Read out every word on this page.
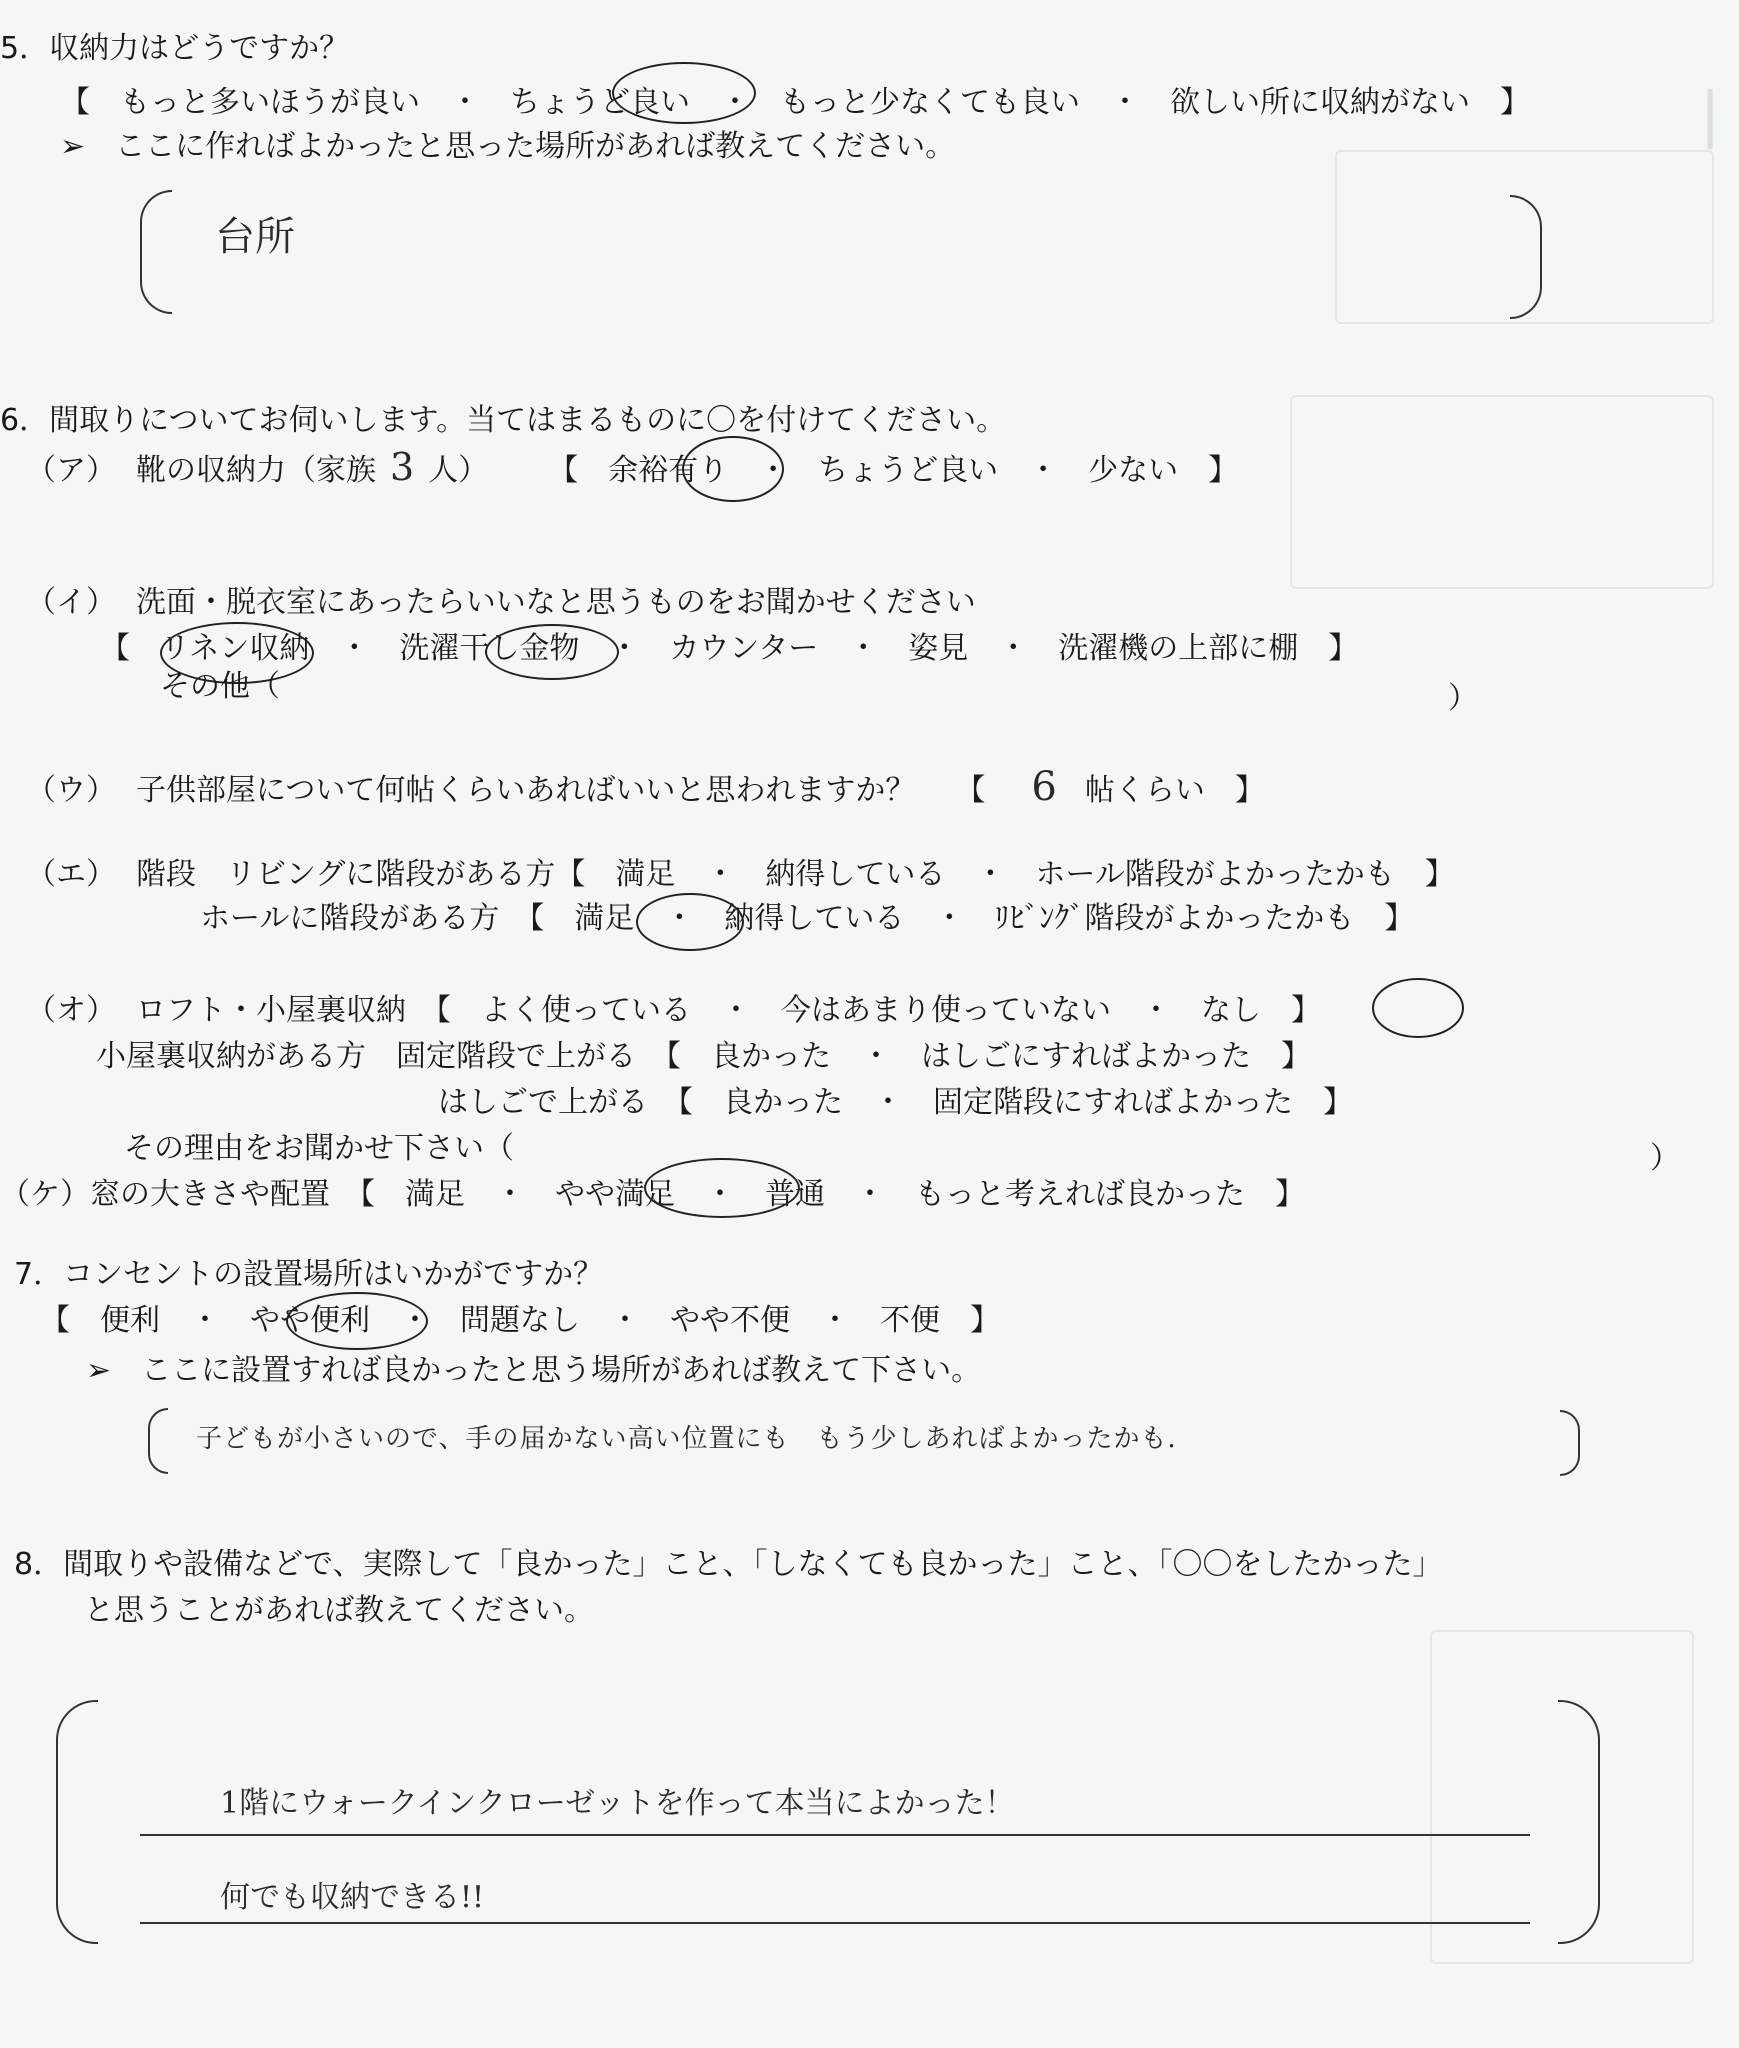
|
5．収納力はどうですか？
【　もっと多いほうが良い　・　ちょうど良い　・　もっと少なくても良い　・　欲しい所に収納がない　】
➢　ここに作ればよかったと思った場所があれば教えてください。
台所
6．間取りについてお伺いします。当てはまるものに〇を付けてください。
（ア） 靴の収納力（家族 3 人） 【　余裕有り　・　ちょうど良い　・　少ない　】
（イ） 洗面・脱衣室にあったらいいなと思うものをお聞かせください
【　リネン収納　・　洗濯干し金物　・　カウンター　・　姿見　・　洗濯機の上部に棚　】
その他（	）
（ウ） 子供部屋について何帖くらいあればいいと思われますか？ 【 6 帖くらい　】
（エ） 階段　リビングに階段がある方【　満足　・　納得している　・　ホール階段がよかったかも　】
ホールに階段がある方　【　満足　・　納得している　・　ﾘﾋﾞﾝｸﾞ階段がよかったかも　】
（オ） ロフト・小屋裏収納　【　よく使っている　・　今はあまり使っていない　・　なし　】
小屋裏収納がある方　固定階段で上がる　【　良かった　・　はしごにすればよかった　】
はしごで上がる　【　良かった　・　固定階段にすればよかった　】
その理由をお聞かせ下さい（	）
（ケ）窓の大きさや配置　【　満足　・　やや満足　・　普通　・　もっと考えれば良かった　】
7．コンセントの設置場所はいかがですか？
【　便利　・　やや便利　・　問題なし　・　やや不便　・　不便　】
➢　ここに設置すれば良かったと思う場所があれば教えて下さい。
子どもが小さいので、手の届かない高い位置にも　もう少しあればよかったかも．
8．間取りや設備などで、実際して「良かった」こと、「しなくても良かった」こと、「〇〇をしたかった」
と思うことがあれば教えてください。
1階にウォークインクローゼットを作って本当によかった！
何でも収納できる!!
